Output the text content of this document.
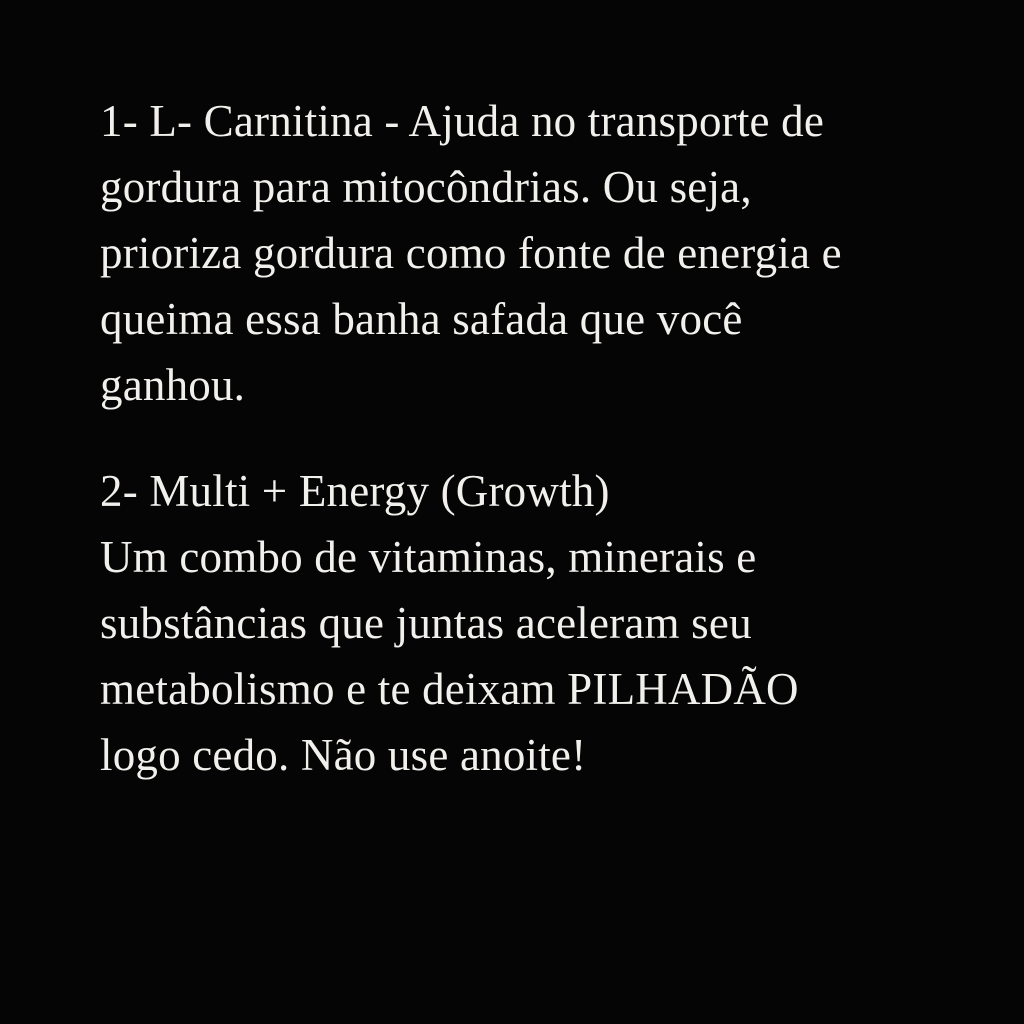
1- L- Carnitina - Ajuda no transporte de
gordura para mitocôndrias. Ou seja,
prioriza gordura como fonte de energia e
queima essa banha safada que você
ganhou.

2- Multi + Energy (Growth)
Um combo de vitaminas, minerais e
substâncias que juntas aceleram seu
metabolismo e te deixam PILHADÃO
logo cedo. Não use anoite!
